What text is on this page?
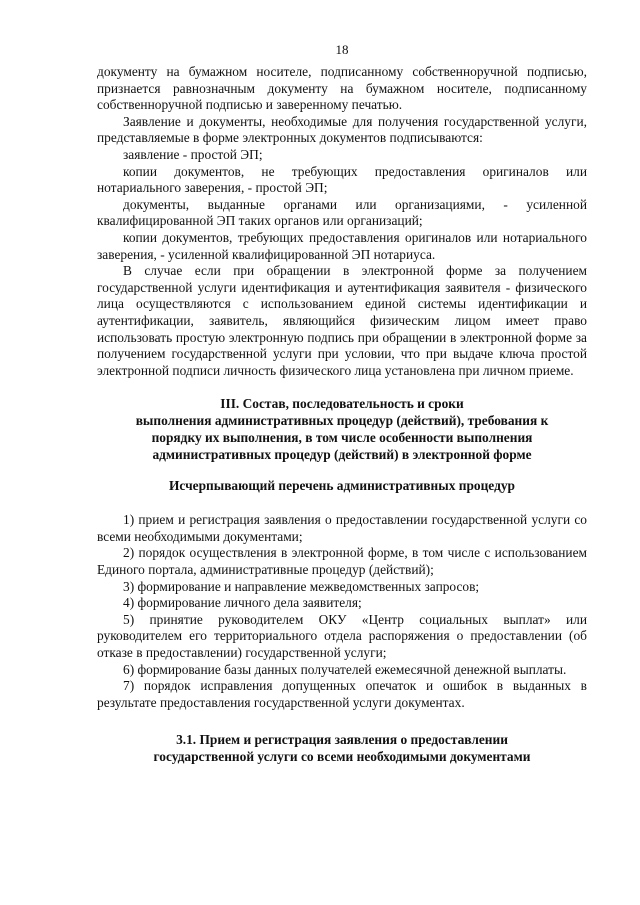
18

документу на бумажном носителе, подписанному собственноручной подписью, признается равнозначным документу на бумажном носителе, подписанному собственноручной подписью и заверенному печатью.

Заявление и документы, необходимые для получения государственной услуги, представляемые в форме электронных документов подписываются:

заявление - простой ЭП;

копии документов, не требующих предоставления оригиналов или нотариального заверения, - простой ЭП;

документы, выданные органами или организациями, - усиленной квалифицированной ЭП таких органов или организаций;

копии документов, требующих предоставления оригиналов или нотариального заверения, - усиленной квалифицированной ЭП нотариуса.

В случае если при обращении в электронной форме за получением государственной услуги идентификация и аутентификация заявителя - физического лица осуществляются с использованием единой системы идентификации и аутентификации, заявитель, являющийся физическим лицом имеет право использовать простую электронную подпись при обращении в электронной форме за получением государственной услуги при условии, что при выдаче ключа простой электронной подписи личность физического лица установлена при личном приеме.

III. Состав, последовательность и сроки
выполнения административных процедур (действий), требования к
порядку их выполнения, в том числе особенности выполнения
административных процедур (действий) в электронной форме
Исчерпывающий перечень административных процедур

1) прием и регистрация заявления о предоставлении государственной услуги со всеми необходимыми документами;

2) порядок осуществления в электронной форме, в том числе с использованием Единого портала, административные процедур (действий);

3) формирование и направление межведомственных запросов;

4) формирование личного дела заявителя;

5) принятие руководителем ОКУ «Центр социальных выплат» или руководителем его территориального отдела распоряжения о предоставлении (об отказе в предоставлении) государственной услуги;

6) формирование базы данных получателей ежемесячной денежной выплаты.

7) порядок исправления допущенных опечаток и ошибок в выданных в результате предоставления государственной услуги документах.

3.1. Прием и регистрация заявления о предоставлении
государственной услуги со всеми необходимыми документами
